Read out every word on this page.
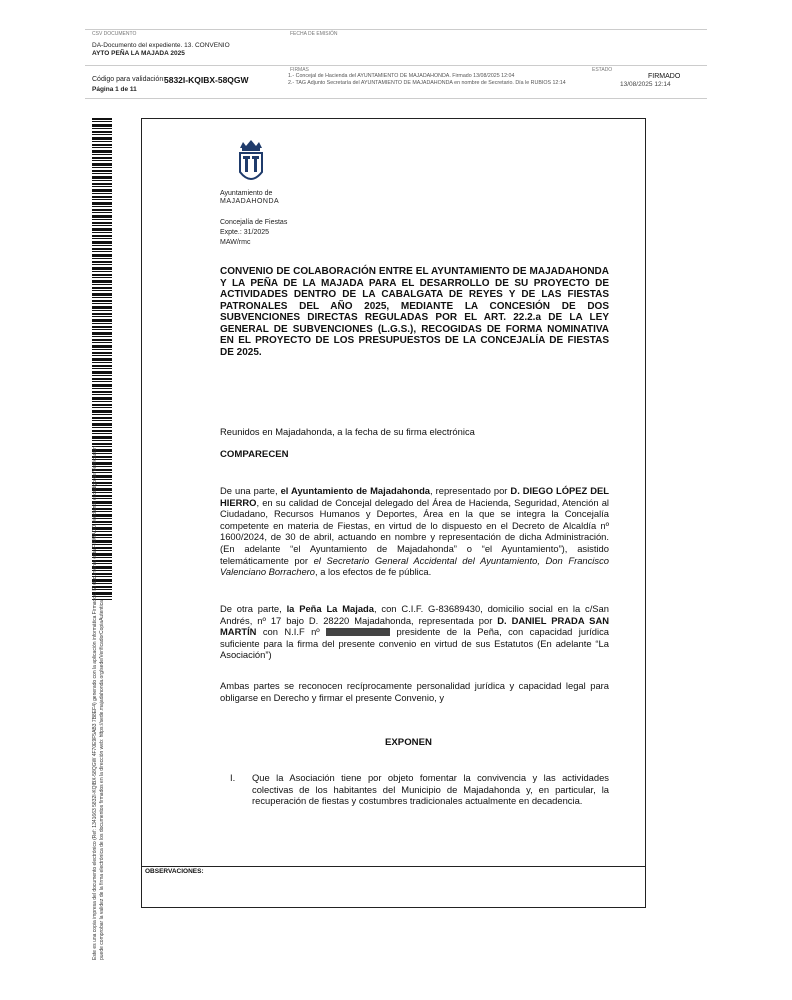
CSV DOCUMENTO	FECHA DE EMISIÓN
DA-Documento del expediente. 13. CONVENIO
AYTO PEÑA LA MAJADA 2025
FIRMAS	ESTADO
Código para validación:
5832I-KQIBX-58QGW
Página 1 de 11
1.- Concejal de Hacienda del AYUNTAMIENTO DE MAJADAHONDA. Firmado 13/08/2025 12:04
2.- TAG Adjunto Secretaría del AYUNTAMIENTO DE MAJADAHONDA en nombre de Secretario. Día le RUBIOS 12:14
FIRMADO
13/08/2025 12:14
Este es una copia impresa del documento electrónico (Ref: 1341663 5832I-KQIBX-58QGW 4F70E9F5AB3 7B8EF4) generado con la aplicación informática Firmadoc. El documento está FIRMADO. Mediante el código de Verificación puede comprobar la validez de la firma electrónica de los documentos firmados en la dirección web: https://sede.majadahonda.org/sede/VerificadorCopiaAutentica
Ayuntamiento de
MAJADAHONDA
Concejalía de Fiestas
Expte.: 31/2025
MAW/rmc
CONVENIO DE COLABORACIÓN ENTRE EL AYUNTAMIENTO DE MAJADAHONDA Y LA PEÑA DE LA MAJADA PARA EL DESARROLLO DE SU PROYECTO DE ACTIVIDADES DENTRO DE LA CABALGATA DE REYES Y DE LAS FIESTAS PATRONALES DEL AÑO 2025, MEDIANTE LA CONCESIÓN DE DOS SUBVENCIONES DIRECTAS REGULADAS POR EL ART. 22.2.a DE LA LEY GENERAL DE SUBVENCIONES (L.G.S.), RECOGIDAS DE FORMA NOMINATIVA EN EL PROYECTO DE LOS PRESUPUESTOS DE LA CONCEJALÍA DE FIESTAS DE 2025.
Reunidos en Majadahonda, a la fecha de su firma electrónica
COMPARECEN
De una parte, el Ayuntamiento de Majadahonda, representado por D. DIEGO LÓPEZ DEL HIERRO, en su calidad de Concejal delegado del Área de Hacienda, Seguridad, Atención al Ciudadano, Recursos Humanos y Deportes, Área en la que se integra la Concejalía competente en materia de Fiestas, en virtud de lo dispuesto en el Decreto de Alcaldía nº 1600/2024, de 30 de abril, actuando en nombre y representación de dicha Administración. (En adelante “el Ayuntamiento de Majadahonda” o “el Ayuntamiento”), asistido telemáticamente por el Secretario General Accidental del Ayuntamiento, Don Francisco Valenciano Borrachero, a los efectos de fe pública.
De otra parte, la Peña La Majada, con C.I.F. G-83689430, domicilio social en la c/San Andrés, nº 17 bajo D. 28220 Majadahonda, representada por D. DANIEL PRADA SAN MARTÍN con N.I.F nº	presidente de la Peña, con capacidad jurídica suficiente para la firma del presente convenio en virtud de sus Estatutos (En adelante “La Asociación”)
Ambas partes se reconocen recíprocamente personalidad jurídica y capacidad legal para obligarse en Derecho y firmar el presente Convenio, y
EXPONEN
I.	Que la Asociación tiene por objeto fomentar la convivencia y las actividades colectivas de los habitantes del Municipio de Majadahonda y, en particular, la recuperación de fiestas y costumbres tradicionales actualmente en decadencia.
OBSERVACIONES:
